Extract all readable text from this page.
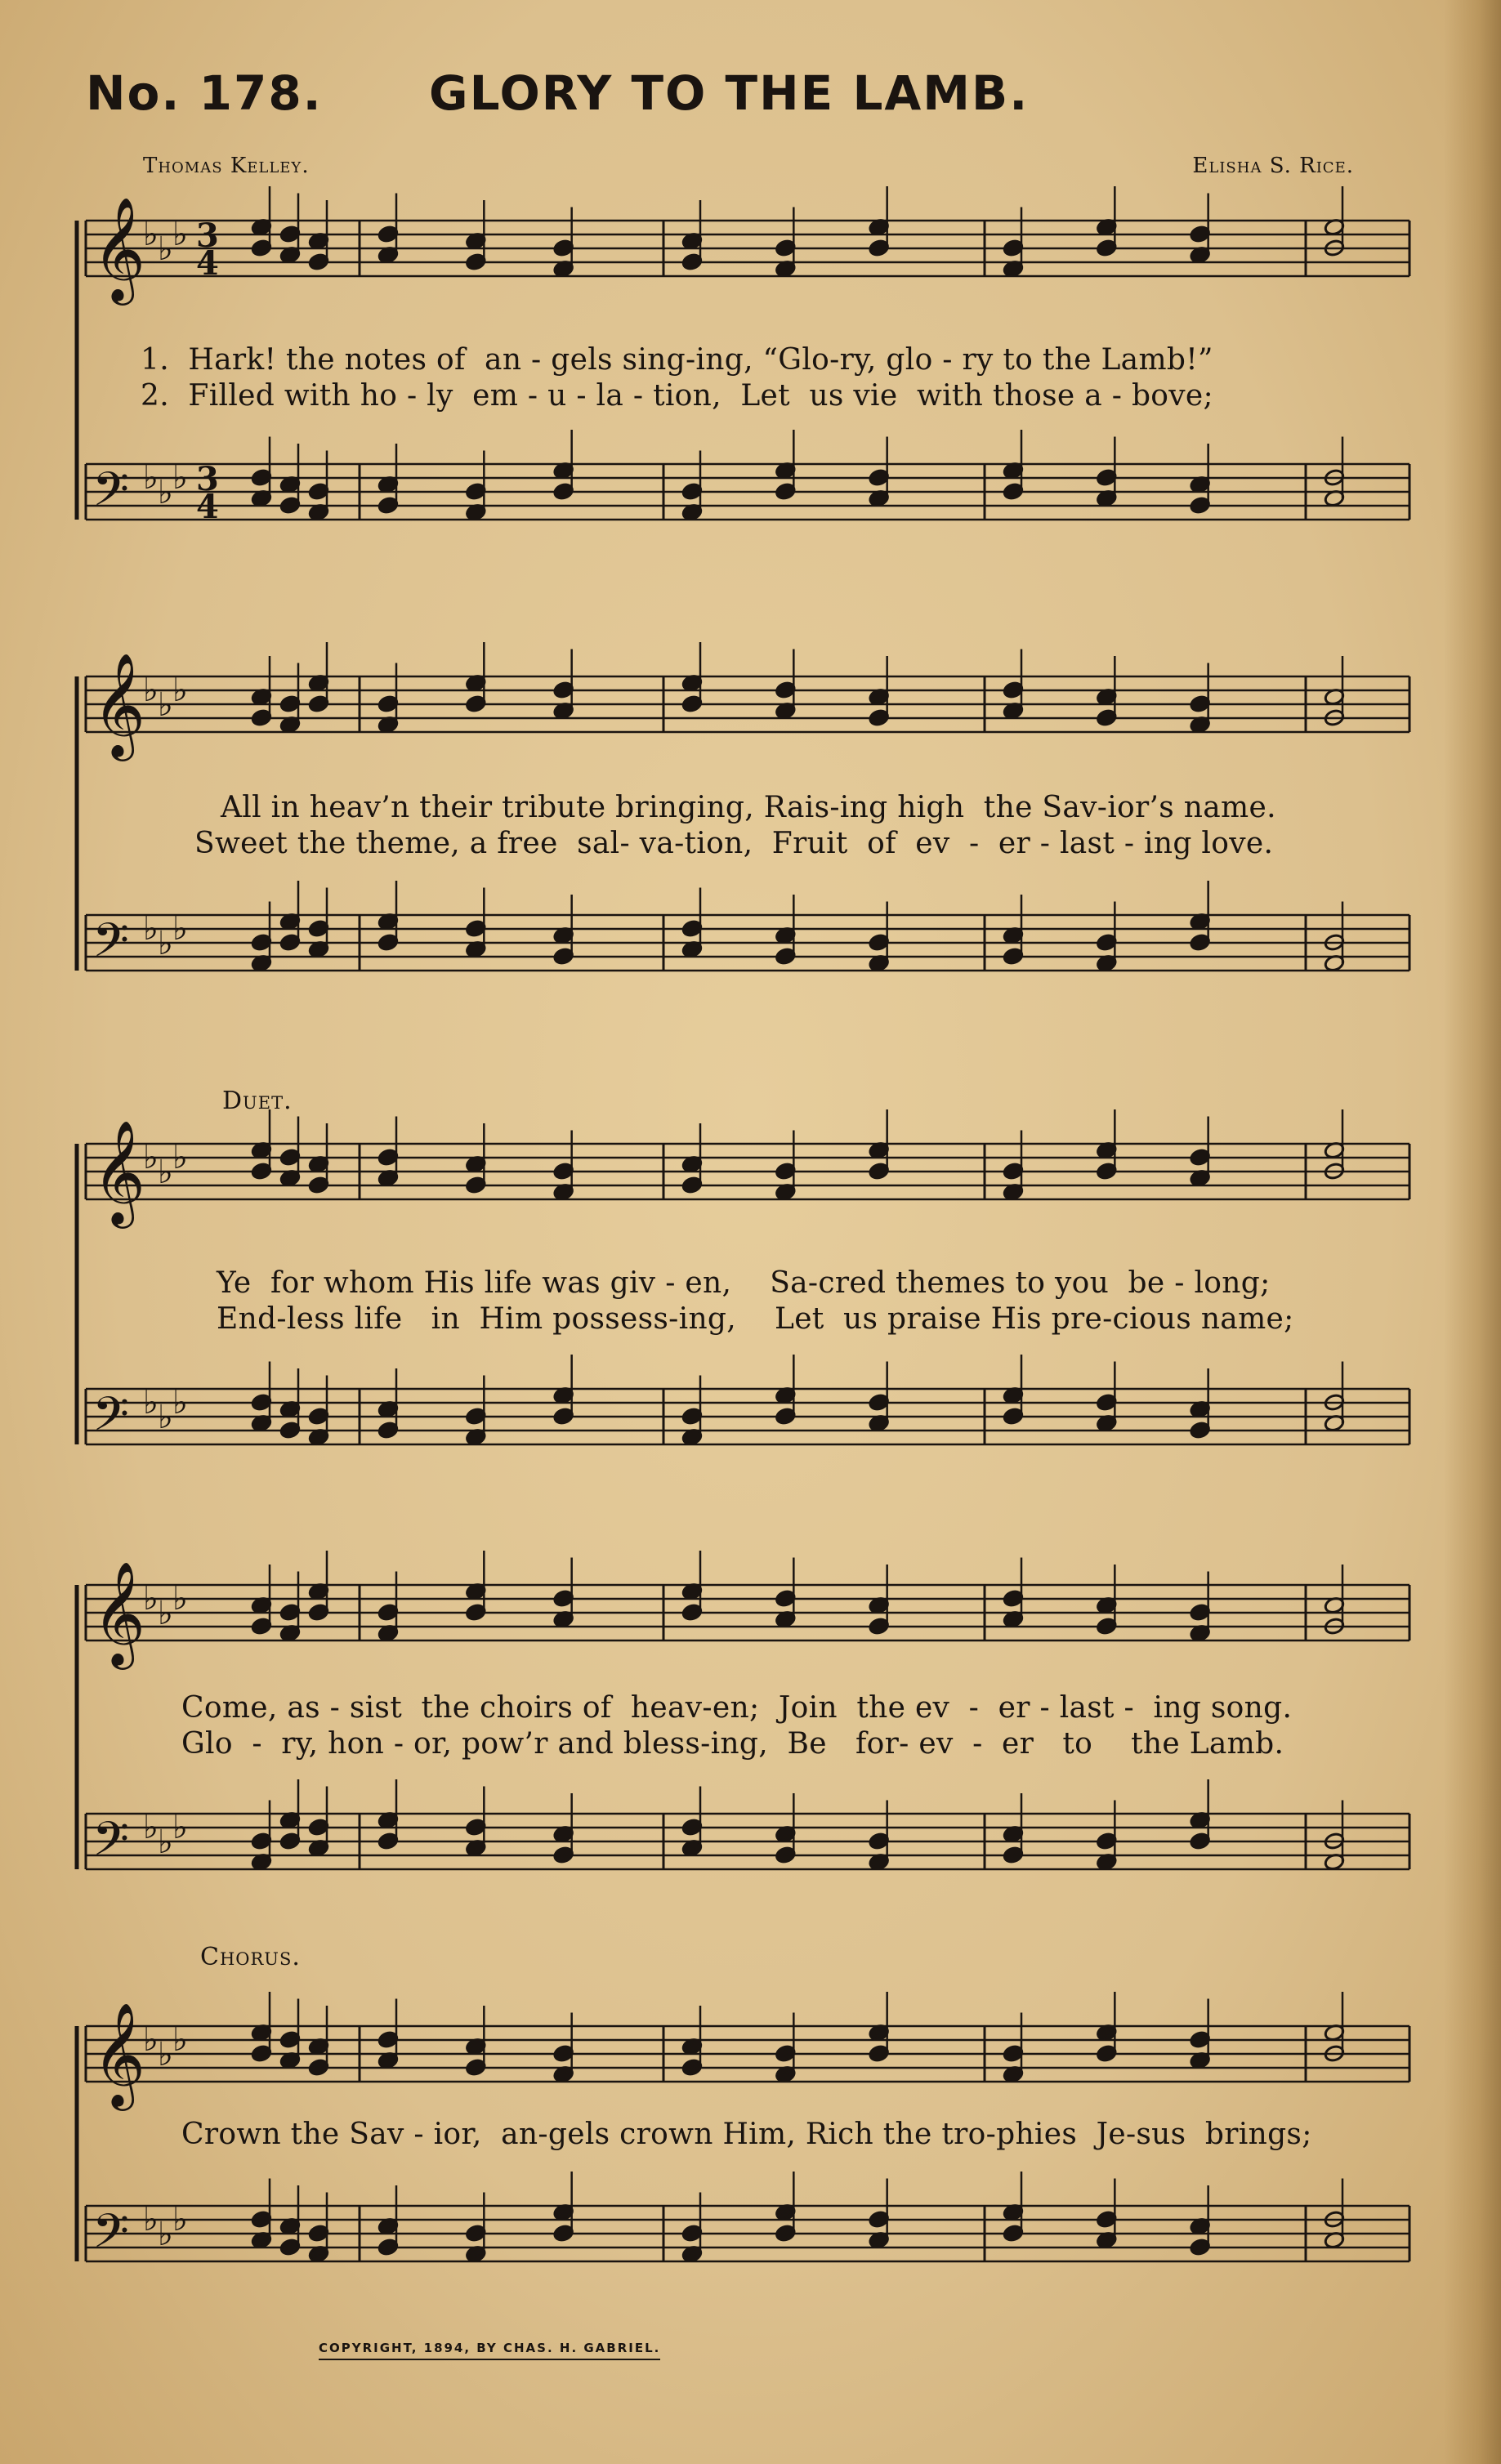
No. 178. GLORY TO THE LAMB.
Thomas Kelley.	Elisha S. Rice.
Duet.
Chorus.
𝄞
♭ ♭ ♭
𝄢 ♭ ♭ ♭
𝄞
♭ ♭ ♭
𝄢 ♭ ♭ ♭
𝄞
♭ ♭ ♭
𝄢 ♭ ♭ ♭
𝄞
♭ ♭ ♭
𝄢 ♭ ♭ ♭
𝄞
♭ ♭ ♭
𝄢 ♭ ♭ ♭
3
4
3
4
1.  Hark! the notes of  an - gels sing-ing, “Glo-ry, glo - ry to the Lamb!”
2.  Filled with ho - ly  em - u - la - tion,  Let  us vie  with those a - bove;
All in heav’n their tribute bringing, Rais-ing high  the Sav-ior’s name.
Sweet the theme, a free  sal- va-tion,  Fruit  of  ev  -  er - last - ing love.
Ye  for whom His life was giv - en,    Sa-cred themes to you  be - long;
End-less life   in  Him possess-ing,    Let  us praise His pre-cious name;
Come, as - sist  the choirs of  heav-en;  Join  the ev  -  er - last -  ing song.
Glo  -  ry, hon - or, pow’r and bless-ing,  Be   for- ev  -  er   to    the Lamb.
Crown the Sav - ior,  an-gels crown Him, Rich the tro-phies  Je-sus  brings;
COPYRIGHT, 1894, BY CHAS. H. GABRIEL.
